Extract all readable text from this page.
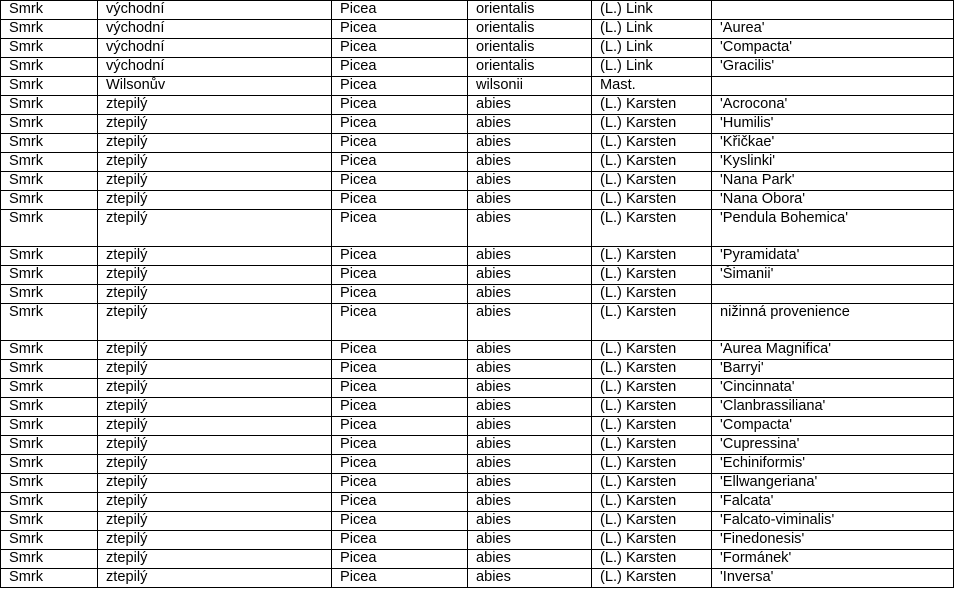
Smrk	východní	Picea	orientalis	(L.) Link	
Smrk	východní	Picea	orientalis	(L.) Link	'Aurea'
Smrk	východní	Picea	orientalis	(L.) Link	'Compacta'
Smrk	východní	Picea	orientalis	(L.) Link	'Gracilis'
Smrk	Wilsonův	Picea	wilsonii	Mast.	
Smrk	ztepilý	Picea	abies	(L.) Karsten	'Acrocona'
Smrk	ztepilý	Picea	abies	(L.) Karsten	'Humilis'
Smrk	ztepilý	Picea	abies	(L.) Karsten	'Křičkae'
Smrk	ztepilý	Picea	abies	(L.) Karsten	'Kyslinki'
Smrk	ztepilý	Picea	abies	(L.) Karsten	'Nana Park'
Smrk	ztepilý	Picea	abies	(L.) Karsten	'Nana Obora'
Smrk	ztepilý	Picea	abies	(L.) Karsten	'Pendula Bohemica'
Smrk	ztepilý	Picea	abies	(L.) Karsten	'Pyramidata'
Smrk	ztepilý	Picea	abies	(L.) Karsten	'Šimanii'
Smrk	ztepilý	Picea	abies	(L.) Karsten	
Smrk	ztepilý	Picea	abies	(L.) Karsten	nižinná provenience
Smrk	ztepilý	Picea	abies	(L.) Karsten	'Aurea Magnifica'
Smrk	ztepilý	Picea	abies	(L.) Karsten	'Barryi'
Smrk	ztepilý	Picea	abies	(L.) Karsten	'Cincinnata'
Smrk	ztepilý	Picea	abies	(L.) Karsten	'Clanbrassiliana'
Smrk	ztepilý	Picea	abies	(L.) Karsten	'Compacta'
Smrk	ztepilý	Picea	abies	(L.) Karsten	'Cupressina'
Smrk	ztepilý	Picea	abies	(L.) Karsten	'Echiniformis'
Smrk	ztepilý	Picea	abies	(L.) Karsten	'Ellwangeriana'
Smrk	ztepilý	Picea	abies	(L.) Karsten	'Falcata'
Smrk	ztepilý	Picea	abies	(L.) Karsten	'Falcato-viminalis'
Smrk	ztepilý	Picea	abies	(L.) Karsten	'Finedonesis'
Smrk	ztepilý	Picea	abies	(L.) Karsten	'Formánek'
Smrk	ztepilý	Picea	abies	(L.) Karsten	'Inversa'
